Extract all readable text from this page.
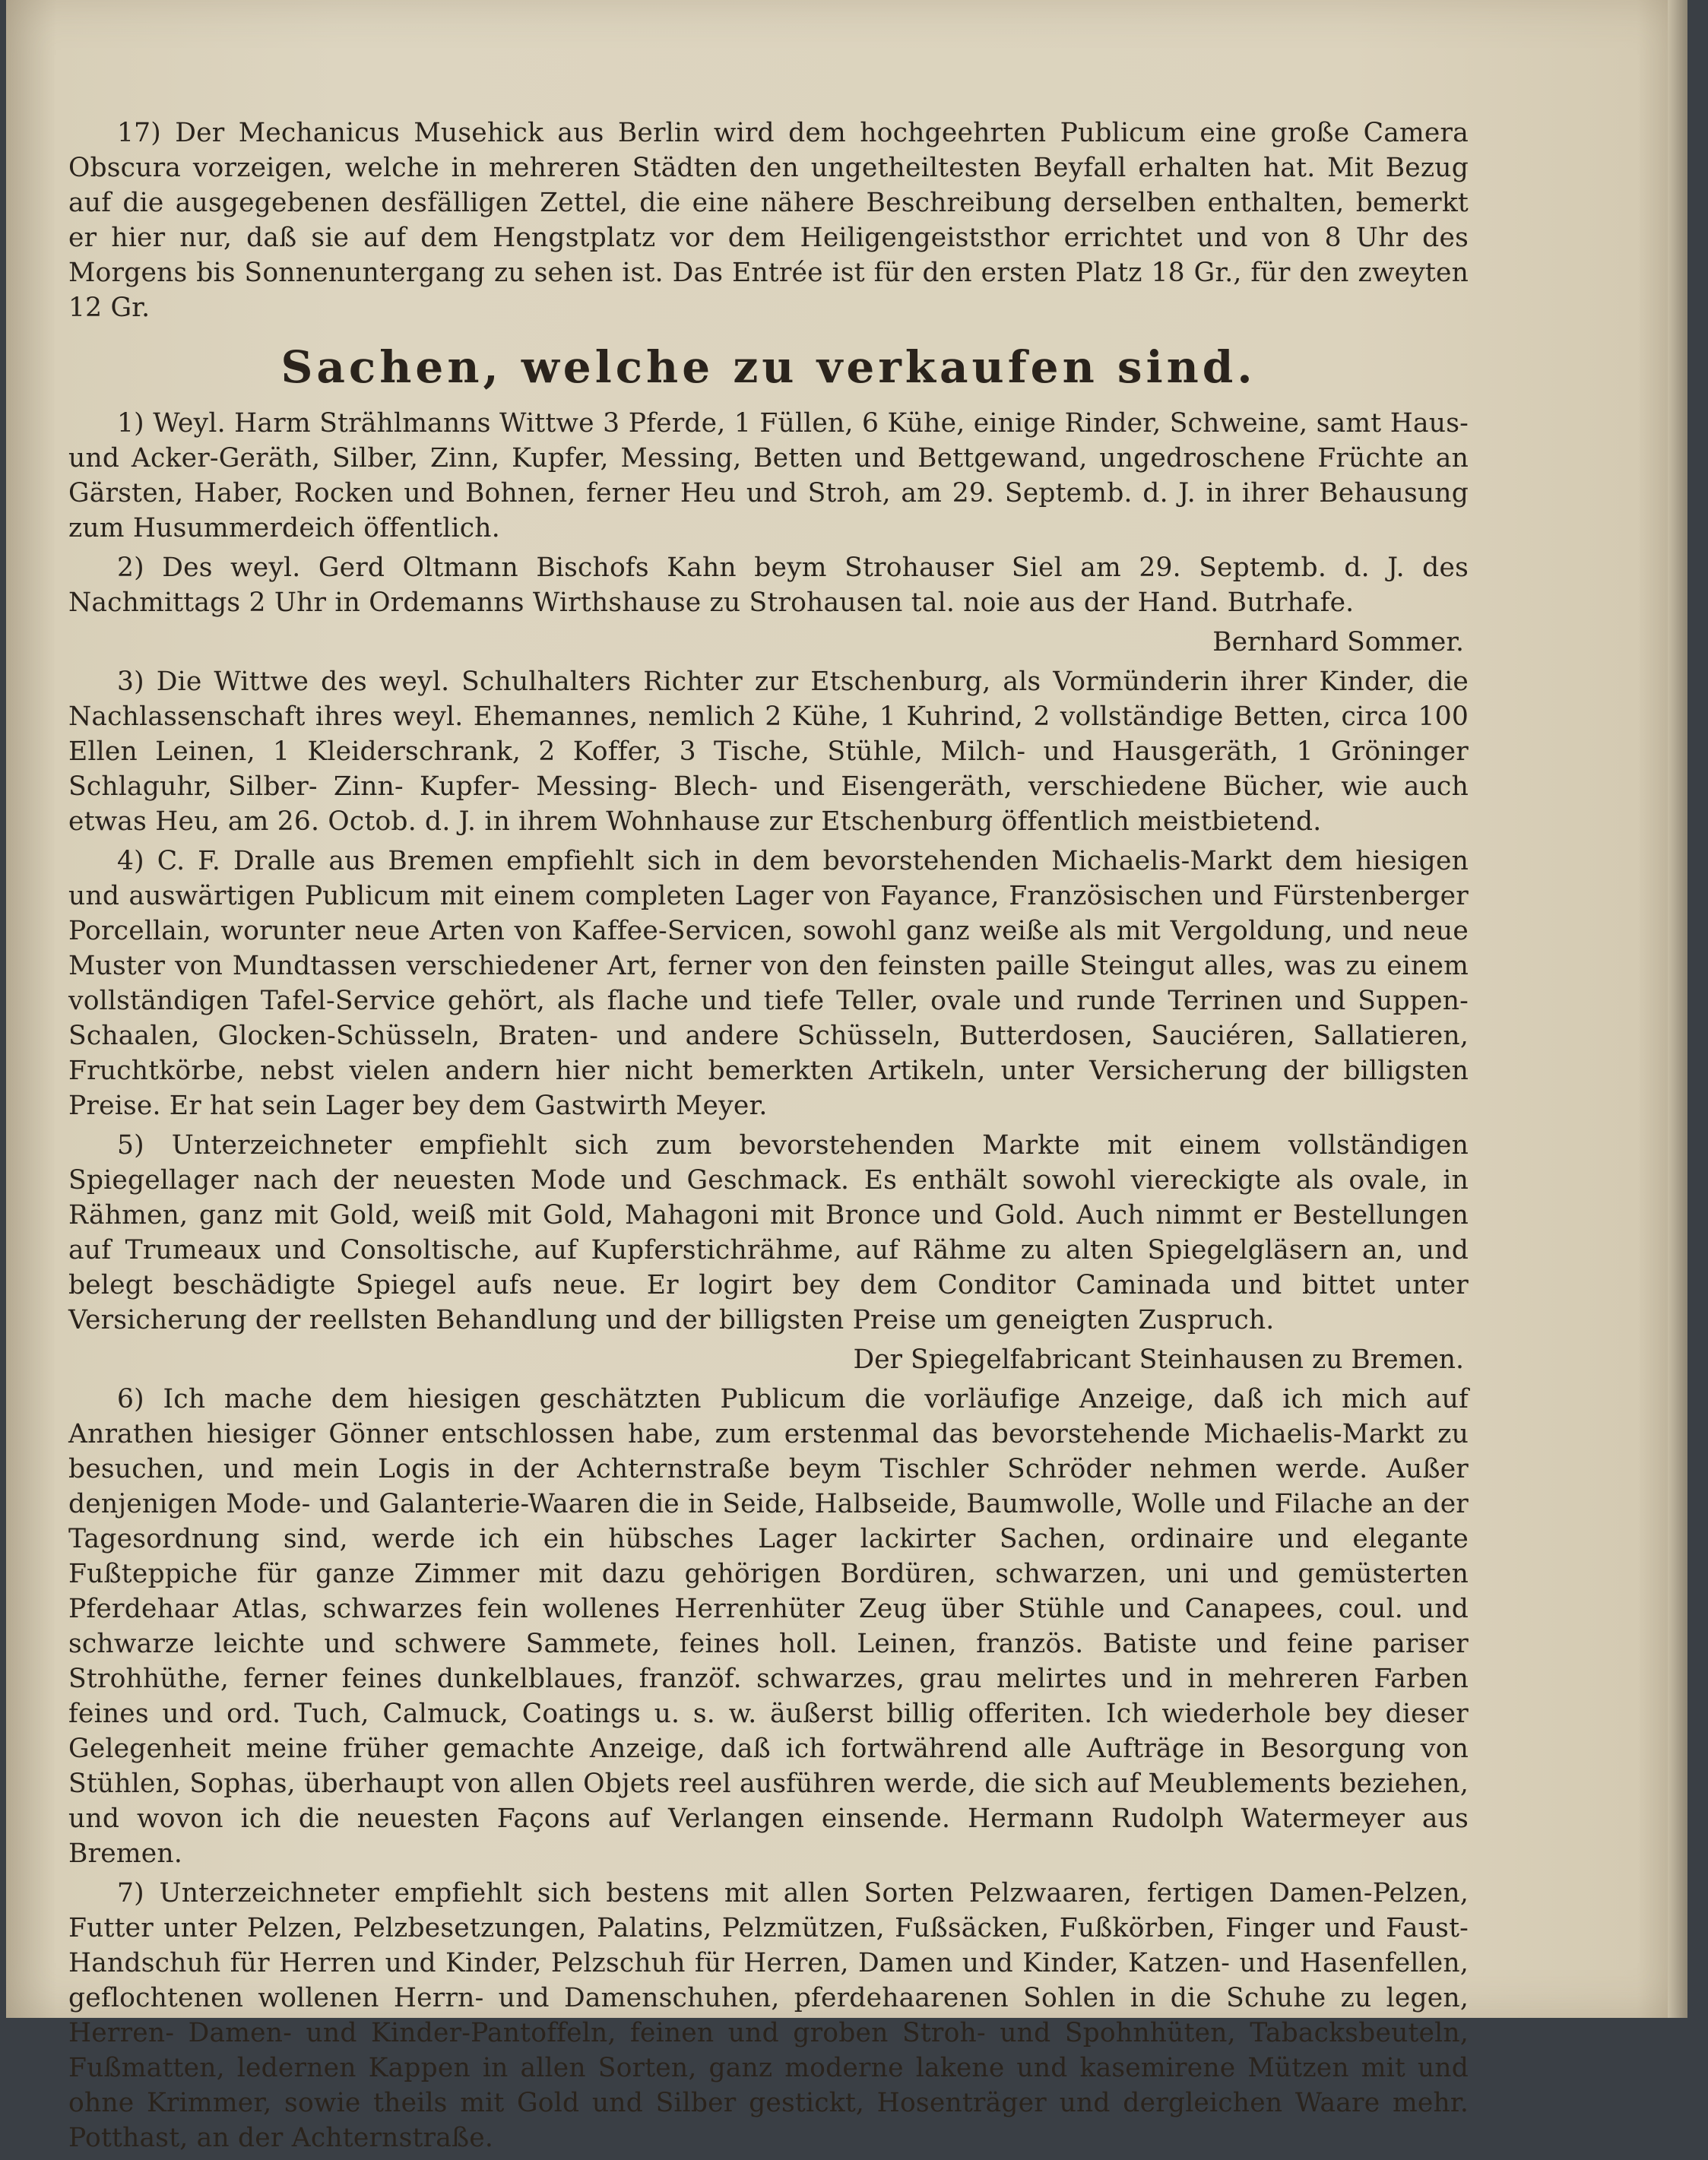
17) Der Mechanicus Musehick aus Berlin wird dem hochgeehrten Publicum eine große Camera Obscura vorzeigen, welche in mehreren Städten den ungetheiltesten Beyfall erhalten hat. Mit Bezug auf die ausgegebenen desfälligen Zettel, die eine nähere Beschreibung derselben enthalten, bemerkt er hier nur, daß sie auf dem Hengstplatz vor dem Heiligengeiststhor errichtet und von 8 Uhr des Morgens bis Sonnenuntergang zu sehen ist. Das Entrée ist für den ersten Platz 18 Gr., für den zweyten 12 Gr.

Sachen, welche zu verkaufen sind.

1) Weyl. Harm Strählmanns Wittwe 3 Pferde, 1 Füllen, 6 Kühe, einige Rinder, Schweine, samt Haus- und Acker-Geräth, Silber, Zinn, Kupfer, Messing, Betten und Bettgewand, ungedroschene Früchte an Gärsten, Haber, Rocken und Bohnen, ferner Heu und Stroh, am 29. Septemb. d. J. in ihrer Behausung zum Husummerdeich öffentlich.

2) Des weyl. Gerd Oltmann Bischofs Kahn beym Strohauser Siel am 29. Septemb. d. J. des Nachmittags 2 Uhr in Ordemanns Wirthshause zu Strohausen tal. noie aus der Hand. Butrhafe.

Bernhard Sommer.

3) Die Wittwe des weyl. Schulhalters Richter zur Etschenburg, als Vormünderin ihrer Kinder, die Nachlassenschaft ihres weyl. Ehemannes, nemlich 2 Kühe, 1 Kuhrind, 2 vollständige Betten, circa 100 Ellen Leinen, 1 Kleiderschrank, 2 Koffer, 3 Tische, Stühle, Milch- und Hausgeräth, 1 Gröninger Schlaguhr, Silber- Zinn- Kupfer- Messing- Blech- und Eisengeräth, verschiedene Bücher, wie auch etwas Heu, am 26. Octob. d. J. in ihrem Wohnhause zur Etschenburg öffentlich meistbietend.

4) C. F. Dralle aus Bremen empfiehlt sich in dem bevorstehenden Michaelis-Markt dem hiesigen und auswärtigen Publicum mit einem completen Lager von Fayance, Französischen und Fürstenberger Porcellain, worunter neue Arten von Kaffee-Servicen, sowohl ganz weiße als mit Vergoldung, und neue Muster von Mundtassen verschiedener Art, ferner von den feinsten paille Steingut alles, was zu einem vollständigen Tafel-Service gehört, als flache und tiefe Teller, ovale und runde Terrinen und Suppen-Schaalen, Glocken-Schüsseln, Braten- und andere Schüsseln, Butterdosen, Sauciéren, Sallatieren, Fruchtkörbe, nebst vielen andern hier nicht bemerkten Artikeln, unter Versicherung der billigsten Preise. Er hat sein Lager bey dem Gastwirth Meyer.

5) Unterzeichneter empfiehlt sich zum bevorstehenden Markte mit einem vollständigen Spiegellager nach der neuesten Mode und Geschmack. Es enthält sowohl viereckigte als ovale, in Rähmen, ganz mit Gold, weiß mit Gold, Mahagoni mit Bronce und Gold. Auch nimmt er Bestellungen auf Trumeaux und Consoltische, auf Kupferstichrähme, auf Rähme zu alten Spiegelgläsern an, und belegt beschädigte Spiegel aufs neue. Er logirt bey dem Conditor Caminada und bittet unter Versicherung der reellsten Behandlung und der billigsten Preise um geneigten Zuspruch.

Der Spiegelfabricant Steinhausen zu Bremen.

6) Ich mache dem hiesigen geschätzten Publicum die vorläufige Anzeige, daß ich mich auf Anrathen hiesiger Gönner entschlossen habe, zum erstenmal das bevorstehende Michaelis-Markt zu besuchen, und mein Logis in der Achternstraße beym Tischler Schröder nehmen werde. Außer denjenigen Mode- und Galanterie-Waaren die in Seide, Halbseide, Baumwolle, Wolle und Filache an der Tagesordnung sind, werde ich ein hübsches Lager lackirter Sachen, ordinaire und elegante Fußteppiche für ganze Zimmer mit dazu gehörigen Bordüren, schwarzen, uni und gemüsterten Pferdehaar Atlas, schwarzes fein wollenes Herrenhüter Zeug über Stühle und Canapees, coul. und schwarze leichte und schwere Sammete, feines holl. Leinen, französ. Batiste und feine pariser Strohhüthe, ferner feines dunkelblaues, franzöf. schwarzes, grau melirtes und in mehreren Farben feines und ord. Tuch, Calmuck, Coatings u. s. w. äußerst billig offeriten. Ich wiederhole bey dieser Gelegenheit meine früher gemachte Anzeige, daß ich fortwährend alle Aufträge in Besorgung von Stühlen, Sophas, überhaupt von allen Objets reel ausführen werde, die sich auf Meublements beziehen, und wovon ich die neuesten Façons auf Verlangen einsende. Hermann Rudolph Watermeyer aus Bremen.

7) Unterzeichneter empfiehlt sich bestens mit allen Sorten Pelzwaaren, fertigen Damen-Pelzen, Futter unter Pelzen, Pelzbesetzungen, Palatins, Pelzmützen, Fußsäcken, Fußkörben, Finger und Faust-Handschuh für Herren und Kinder, Pelzschuh für Herren, Damen und Kinder, Katzen- und Hasenfellen, geflochtenen wollenen Herrn- und Damenschuhen, pferdehaarenen Sohlen in die Schuhe zu legen, Herren- Damen- und Kinder-Pantoffeln, feinen und groben Stroh- und Spohnhüten, Tabacksbeuteln, Fußmatten, ledernen Kappen in allen Sorten, ganz moderne lakene und kasemirene Mützen mit und ohne Krimmer, sowie theils mit Gold und Silber gestickt, Hosenträger und dergleichen Waare mehr. Potthast, an der Achternstraße.
